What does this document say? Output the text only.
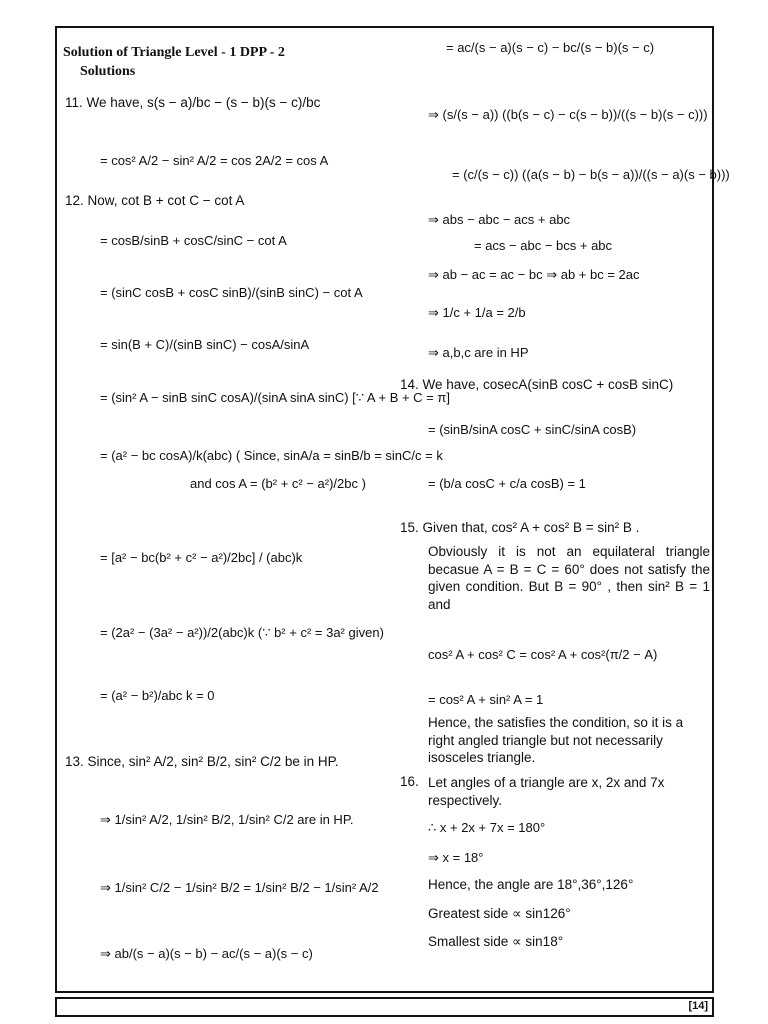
Solution of Triangle Level - 1 DPP - 2
Solutions
11. We have, s(s − a)/bc − (s − b)(s − c)/bc
= cos² A/2 − sin² A/2 = cos 2A/2 = cos A
12. Now, cot B + cot C − cot A
= cosB/sinB + cosC/sinC − cot A
= (sinC cosB + cosC sinB)/(sinB sinC) − cot A
= sin(B + C)/(sinB sinC) − cosA/sinA
= (sin² A − sinB sinC cosA)/(sinA sinA sinC) [∵ A + B + C = π]
= (a² − bc cosA)/k(abc) ( Since, sinA/a = sinB/b = sinC/c = k
and cos A = (b² + c² − a²)/2bc )
= [a² − bc(b² + c² − a²)/2bc] / (abc)k
= (2a² − (3a² − a²))/2(abc)k (∵ b² + c² = 3a² given)
= (a² − b²)/abc k = 0
13. Since, sin² A/2, sin² B/2, sin² C/2 be in HP.
⇒ 1/sin² A/2, 1/sin² B/2, 1/sin² C/2 are in HP.
⇒ 1/sin² C/2 − 1/sin² B/2 = 1/sin² B/2 − 1/sin² A/2
⇒ ab/(s − a)(s − b) − ac/(s − a)(s − c)
= ac/(s − a)(s − c) − bc/(s − b)(s − c)
⇒ (s/(s − a)) ((b(s − c) − c(s − b))/((s − b)(s − c)))
= (c/(s − c)) ((a(s − b) − b(s − a))/((s − a)(s − b)))
⇒ abs − abc − acs + abc
= acs − abc − bcs + abc
⇒ ab − ac = ac − bc ⇒ ab + bc = 2ac
⇒ 1/c + 1/a = 2/b
⇒ a,b,c are in HP
14. We have, cosecA(sinB cosC + cosB sinC)
= (sinB/sinA cosC + sinC/sinA cosB)
= (b/a cosC + c/a cosB) = 1
15. Given that, cos² A + cos² B = sin² B .
cos² A + cos² C = cos² A + cos²(π/2 − A)
= cos² A + sin² A = 1
16.
∴ x + 2x + 7x = 180°
⇒ x = 18°
Hence, the angle are 18°,36°,126°
Greatest side ∝ sin126°
Smallest side ∝ sin18°
Obviously it is not an equilateral triangle becasue A = B = C = 60° does not satisfy the given condition. But B = 90° , then sin² B = 1 and
Hence, the satisfies the condition, so it is a right angled triangle but not necessarily isosceles triangle.
Let angles of a triangle are x, 2x and 7x respectively.
[14]
